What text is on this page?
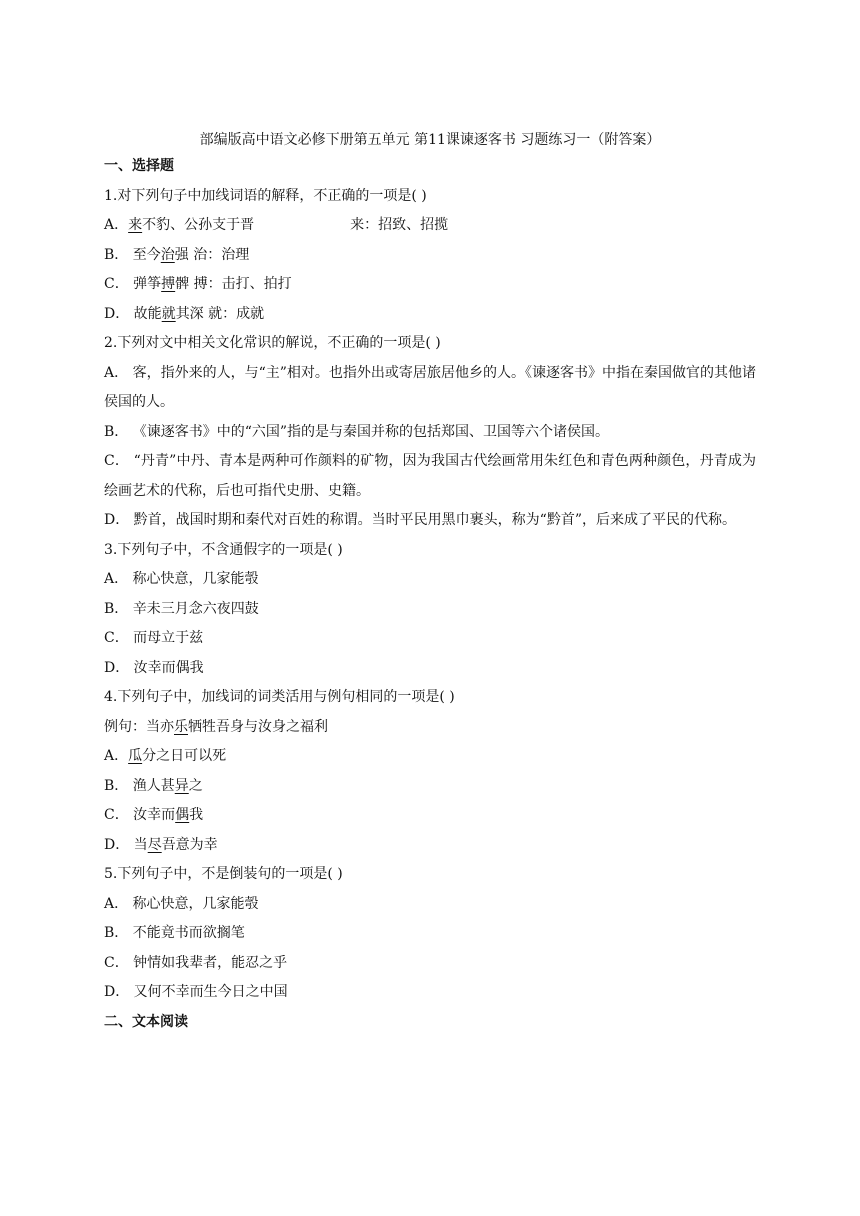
部编版高中语文必修下册第五单元 第11课谏逐客书 习题练习一（附答案）

一、选择题

1.对下列句子中加线词语的解释，不正确的一项是( )

A．来不豹、公孙支于晋	来：招致、招揽

B． 至今治强 治：治理

C． 弹筝搏髀 搏：击打、拍打

D． 故能就其深 就：成就

2.下列对文中相关文化常识的解说，不正确的一项是( )

A． 客，指外来的人，与“主”相对。也指外出或寄居旅居他乡的人。《谏逐客书》中指在秦国做官的其他诸侯国的人。

B． 《谏逐客书》中的“六国”指的是与秦国并称的包括郑国、卫国等六个诸侯国。

C． “丹青”中丹、青本是两种可作颜料的矿物，因为我国古代绘画常用朱红色和青色两种颜色，丹青成为绘画艺术的代称，后也可指代史册、史籍。

D． 黔首，战国时期和秦代对百姓的称谓。当时平民用黑巾裹头，称为“黔首”，后来成了平民的代称。

3.下列句子中，不含通假字的一项是( )

A． 称心快意，几家能彀

B． 辛未三月念六夜四鼓

C． 而母立于兹

D． 汝幸而偶我

4.下列句子中，加线词的词类活用与例句相同的一项是( )

例句：当亦乐牺牲吾身与汝身之福利

A．瓜分之日可以死

B． 渔人甚异之

C． 汝幸而偶我

D． 当尽吾意为幸

5.下列句子中，不是倒装句的一项是( )

A． 称心快意，几家能彀

B． 不能竟书而欲搁笔

C． 钟情如我辈者，能忍之乎

D． 又何不幸而生今日之中国

二、文本阅读
